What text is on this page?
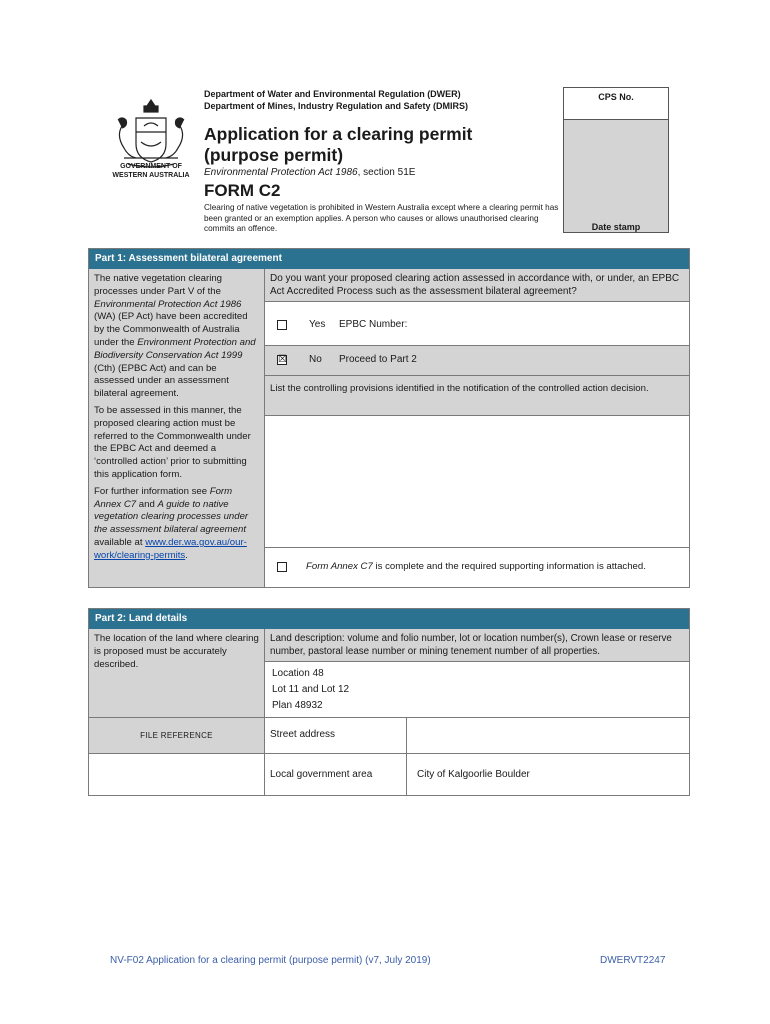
GOVERNMENT OF
WESTERN AUSTRALIA
Department of Water and Environmental Regulation (DWER)
Department of Mines, Industry Regulation and Safety (DMIRS)
Application for a clearing permit
(purpose permit)
Environmental Protection Act 1986, section 51E
FORM C2
Clearing of native vegetation is prohibited in Western Australia except where a clearing permit has been granted or an exemption applies. A person who causes or allows unauthorised clearing commits an offence.
CPS No.
Date stamp
Part 1: Assessment bilateral agreement
The native vegetation clearing processes under Part V of the Environmental Protection Act 1986 (WA) (EP Act) have been accredited by the Commonwealth of Australia under the Environment Protection and Biodiversity Conservation Act 1999 (Cth) (EPBC Act) and can be assessed under an assessment bilateral agreement.
To be assessed in this manner, the proposed clearing action must be referred to the Commonwealth under the EPBC Act and deemed a ‘controlled action’ prior to submitting this application form.
For further information see Form Annex C7 and A guide to native vegetation clearing processes under the assessment bilateral agreement available at www.der.wa.gov.au/our-work/clearing-permits.
Do you want your proposed clearing action assessed in accordance with, or under, an EPBC Act Accredited Process such as the assessment bilateral agreement?
Yes EPBC Number:
☒ No Proceed to Part 2
List the controlling provisions identified in the notification of the controlled action decision.
Form Annex C7 is complete and the required supporting information is attached.
Part 2: Land details
The location of the land where clearing is proposed must be accurately described.
Land description: volume and folio number, lot or location number(s), Crown lease or reserve number, pastoral lease number or mining tenement number of all properties.
Location 48
Lot 11 and Lot 12
Plan 48932
FILE REFERENCE	Street address
Local government area	City of Kalgoorlie Boulder
NV-F02 Application for a clearing permit (purpose permit) (v7, July 2019)	DWERVT2247
